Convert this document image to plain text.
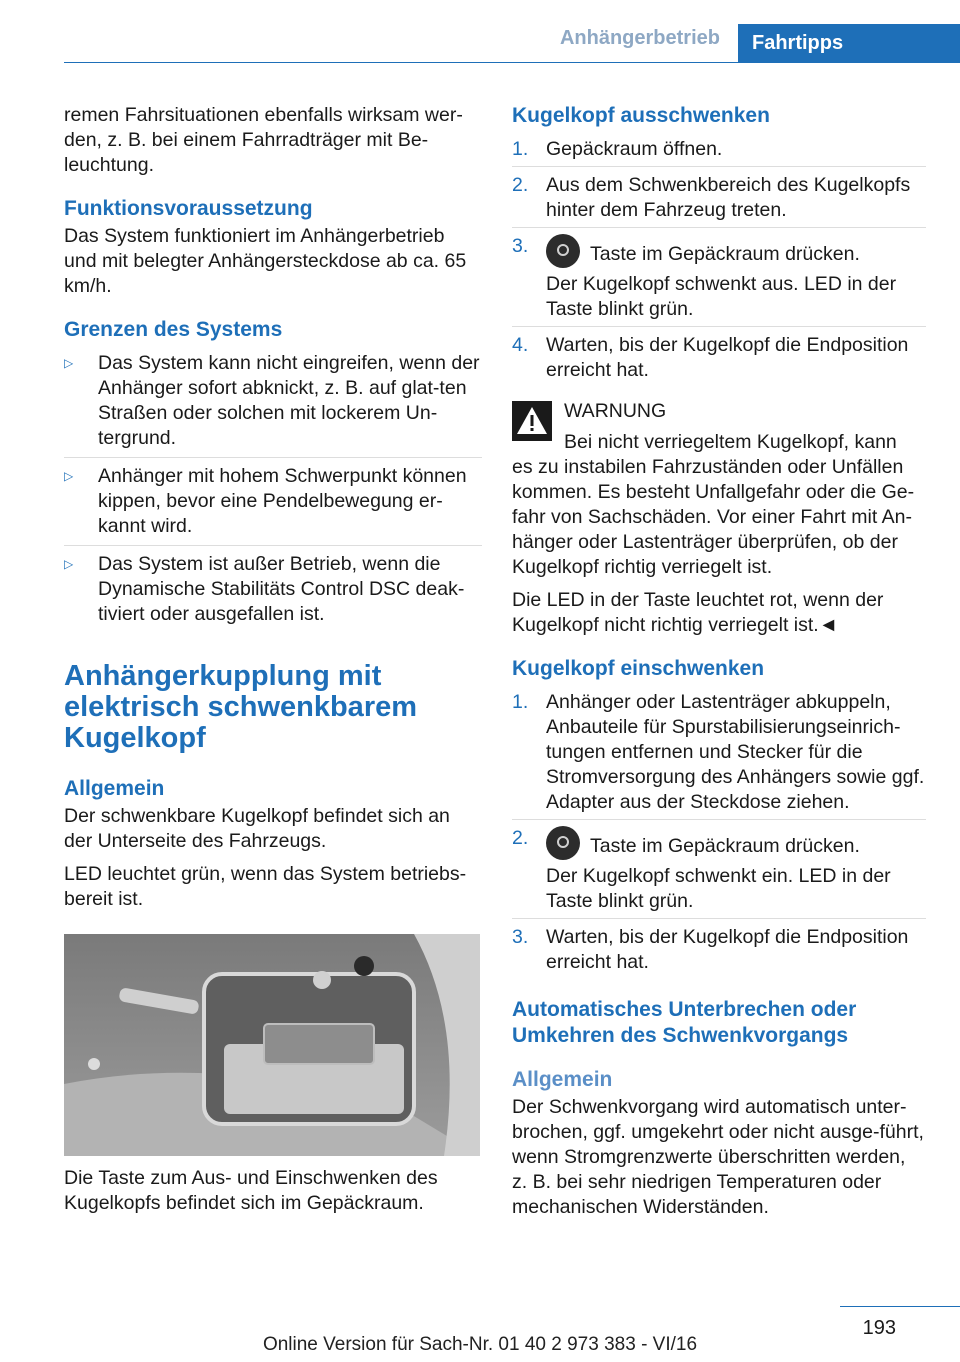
Anhängerbetrieb	Fahrtipps

remen Fahrsituationen ebenfalls wirksam wer‐den, z. B. bei einem Fahrradträger mit Be‐leuchtung.

Funktionsvoraussetzung

Das System funktioniert im Anhängerbetrieb und mit belegter Anhängersteckdose ab ca. 65 km/h.

Grenzen des Systems
▷	Das System kann nicht eingreifen, wenn der Anhänger sofort abknickt, z. B. auf glat‐ten Straßen oder solchen mit lockerem Un‐tergrund.
▷	Anhänger mit hohem Schwerpunkt können kippen, bevor eine Pendelbewegung er‐kannt wird.
▷	Das System ist außer Betrieb, wenn die Dynamische Stabilitäts Control DSC deak‐tiviert oder ausgefallen ist.
Anhängerkupplung mit elektrisch schwenkbarem Kugelkopf
Allgemein

Der schwenkbare Kugelkopf befindet sich an der Unterseite des Fahrzeugs.

LED leuchtet grün, wenn das System betriebs‐bereit ist.

Die Taste zum Aus- und Einschwenken des Kugelkopfs befindet sich im Gepäckraum.

Kugelkopf ausschwenken
1. Gepäckraum öffnen.
2. Aus dem Schwenkbereich des Kugelkopfs hinter dem Fahrzeug treten.
3.	Taste im Gepäckraum drücken.
Der Kugelkopf schwenkt aus. LED in der Taste blinkt grün.
4. Warten, bis der Kugelkopf die Endposition erreicht hat.
WARNUNG
Bei nicht verriegeltem Kugelkopf, kann

es zu instabilen Fahrzuständen oder Unfällen kommen. Es besteht Unfallgefahr oder die Ge‐fahr von Sachschäden. Vor einer Fahrt mit An‐hänger oder Lastenträger überprüfen, ob der Kugelkopf richtig verriegelt ist.

Die LED in der Taste leuchtet rot, wenn der Kugelkopf nicht richtig verriegelt ist.◄

Kugelkopf einschwenken
1. Anhänger oder Lastenträger abkuppeln, Anbauteile für Spurstabilisierungseinrich‐tungen entfernen und Stecker für die Stromversorgung des Anhängers sowie ggf. Adapter aus der Steckdose ziehen.
2.	Taste im Gepäckraum drücken.
Der Kugelkopf schwenkt ein. LED in der Taste blinkt grün.
3. Warten, bis der Kugelkopf die Endposition erreicht hat.
Automatisches Unterbrechen oder Umkehren des Schwenkvorgangs
Allgemein

Der Schwenkvorgang wird automatisch unter‐brochen, ggf. umgekehrt oder nicht ausge‐führt, wenn Stromgrenzwerte überschritten werden, z. B. bei sehr niedrigen Temperaturen oder mechanischen Widerständen.

193
Online Version für Sach-Nr. 01 40 2 973 383 - VI/16
